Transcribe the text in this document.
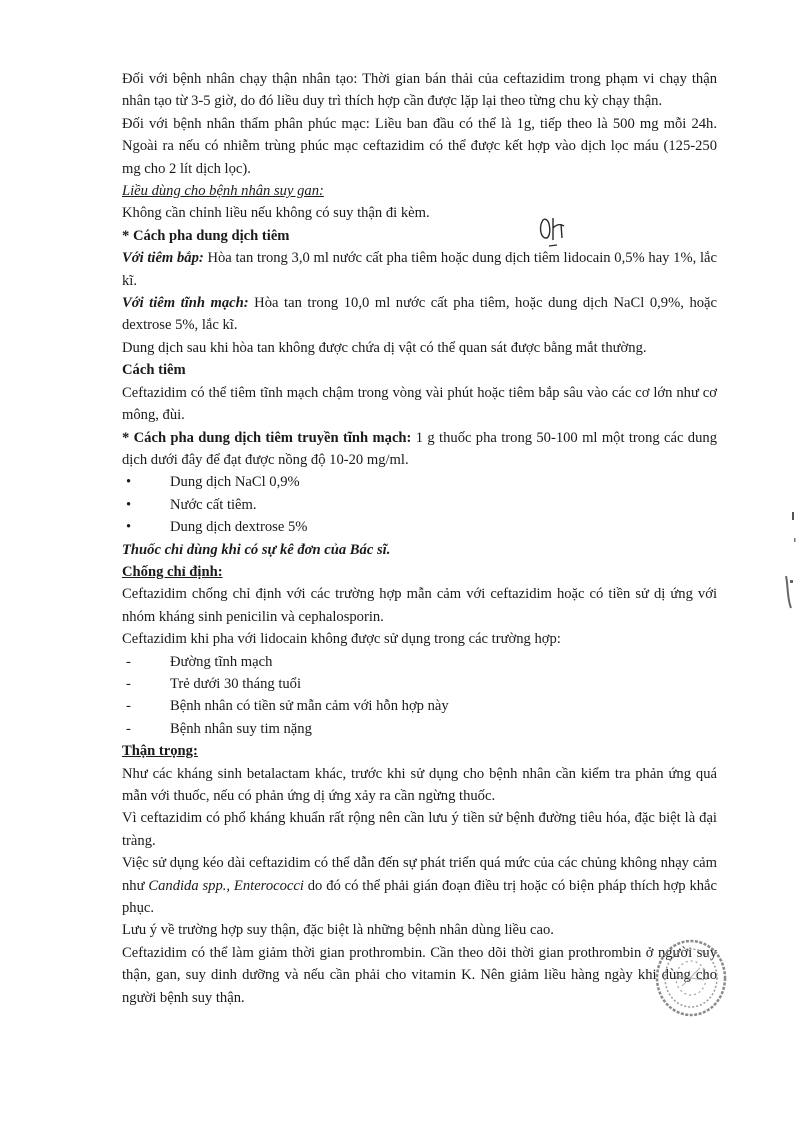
Đối với bệnh nhân chạy thận nhân tạo: Thời gian bán thải của ceftazidim trong phạm vi chạy thận nhân tạo từ 3-5 giờ, do đó liều duy trì thích hợp cần được lặp lại theo từng chu kỳ chạy thận.

Đối với bệnh nhân thẩm phân phúc mạc: Liều ban đầu có thể là 1g, tiếp theo là 500 mg mỗi 24h. Ngoài ra nếu có nhiễm trùng phúc mạc ceftazidim có thể được kết hợp vào dịch lọc máu (125-250 mg cho 2 lít dịch lọc).

Liều dùng cho bệnh nhân suy gan:

Không cần chỉnh liều nếu không có suy thận đi kèm.

* Cách pha dung dịch tiêm

Với tiêm bắp: Hòa tan trong 3,0 ml nước cất pha tiêm hoặc dung dịch tiêm lidocain 0,5% hay 1%, lắc kĩ.

Với tiêm tĩnh mạch: Hòa tan trong 10,0 ml nước cất pha tiêm, hoặc dung dịch NaCl 0,9%, hoặc dextrose 5%, lắc kĩ.

Dung dịch sau khi hòa tan không được chứa dị vật có thể quan sát được bằng mắt thường.

Cách tiêm

Ceftazidim có thể tiêm tĩnh mạch chậm trong vòng vài phút hoặc tiêm bắp sâu vào các cơ lớn như cơ mông, đùi.

* Cách pha dung dịch tiêm truyền tĩnh mạch: 1 g thuốc pha trong 50-100 ml một trong các dung dịch dưới đây để đạt được nồng độ 10-20 mg/ml.

•
Dung dịch NaCl 0,9%

•
Nước cất tiêm.

•
Dung dịch dextrose 5%

Thuốc chỉ dùng khi có sự kê đơn của Bác sĩ.

Chống chỉ định:

Ceftazidim chống chỉ định với các trường hợp mẫn cảm với ceftazidim hoặc có tiền sử dị ứng với nhóm kháng sinh penicilin và cephalosporin.

Ceftazidim khi pha với lidocain không được sử dụng trong các trường hợp:

-
Đường tĩnh mạch

-
Trẻ dưới 30 tháng tuổi

-
Bệnh nhân có tiền sử mẫn cảm với hỗn hợp này

-
Bệnh nhân suy tim nặng

Thận trọng:

Như các kháng sinh betalactam khác, trước khi sử dụng cho bệnh nhân cần kiểm tra phản ứng quá mẫn với thuốc, nếu có phản ứng dị ứng xảy ra cần ngừng thuốc.

Vì ceftazidim có phổ kháng khuẩn rất rộng nên cần lưu ý tiền sử bệnh đường tiêu hóa, đặc biệt là đại tràng.

Việc sử dụng kéo dài ceftazidim có thể dẫn đến sự phát triển quá mức của các chủng không nhạy cảm như Candida spp., Enterococci do đó có thể phải gián đoạn điều trị hoặc có biện pháp thích hợp khắc phục.

Lưu ý về trường hợp suy thận, đặc biệt là những bệnh nhân dùng liều cao.

Ceftazidim có thể làm giảm thời gian prothrombin. Cần theo dõi thời gian prothrombin ở người suy thận, gan, suy dinh dưỡng và nếu cần phải cho vitamin K. Nên giảm liều hàng ngày khi dùng cho người bệnh suy thận.
